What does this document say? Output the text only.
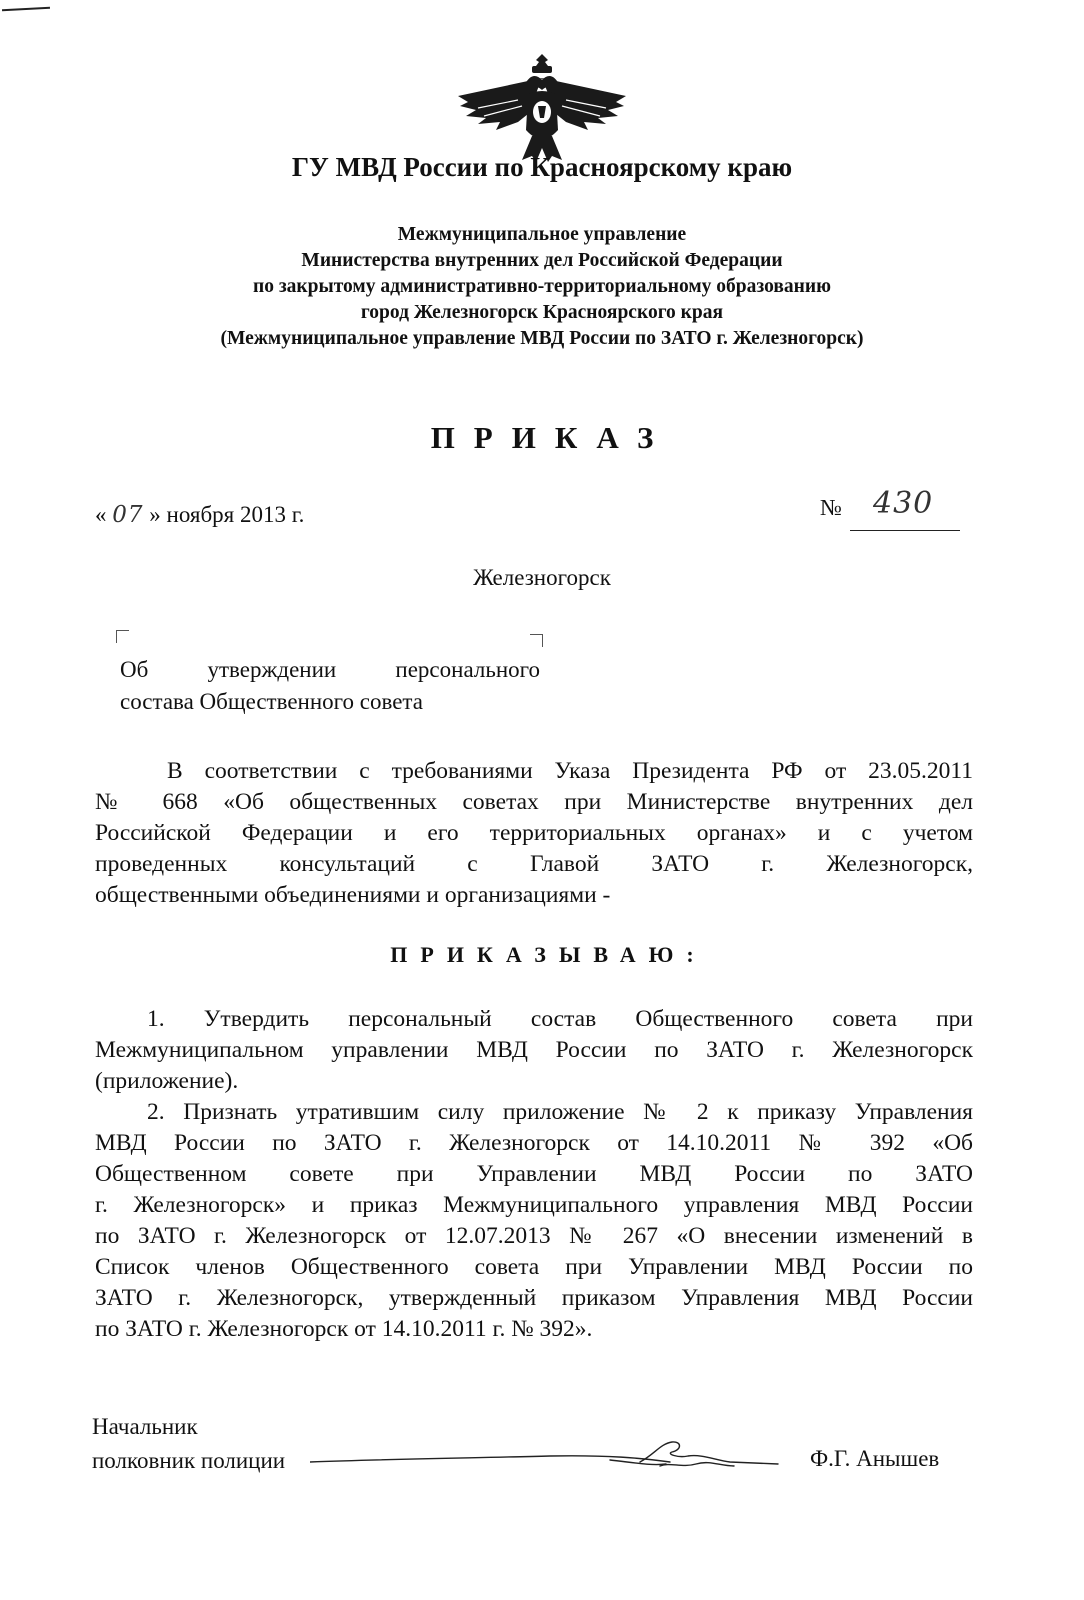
ГУ МВД России по Красноярскому краю
Межмуниципальное управление
Министерства внутренних дел Российской Федерации
по закрытому административно-территориальному образованию
город Железногорск Красноярского края
(Межмуниципальное управление МВД России по ЗАТО г. Железногорск)
ПРИКАЗ
« 07 » ноября 2013 г.	№ 430
Железногорск
Об	утверждении	персонального
состава Общественного совета
В соответствии с требованиями Указа Президента РФ от 23.05.2011
№ 668 «Об общественных советах при Министерстве внутренних дел
Российской Федерации и его территориальных органах» и с учетом
проведенных консультаций с Главой ЗАТО г. Железногорск,
общественными объединениями и организациями -
ПРИКАЗЫВАЮ:
1. Утвердить персональный состав Общественного совета при
Межмуниципальном управлении МВД России по ЗАТО г. Железногорск
(приложение).
2. Признать утратившим силу приложение № 2 к приказу Управления
МВД России по ЗАТО г. Железногорск от 14.10.2011 № 392 «Об
Общественном совете при Управлении МВД России по ЗАТО
г. Железногорск» и приказ Межмуниципального управления МВД России
по ЗАТО г. Железногорск от 12.07.2013 № 267 «О внесении изменений в
Список членов Общественного совета при Управлении МВД России по
ЗАТО г. Железногорск, утвержденный приказом Управления МВД России
по ЗАТО г. Железногорск от 14.10.2011 г. № 392».
Начальник
полковник полиции	Ф.Г. Анышев
